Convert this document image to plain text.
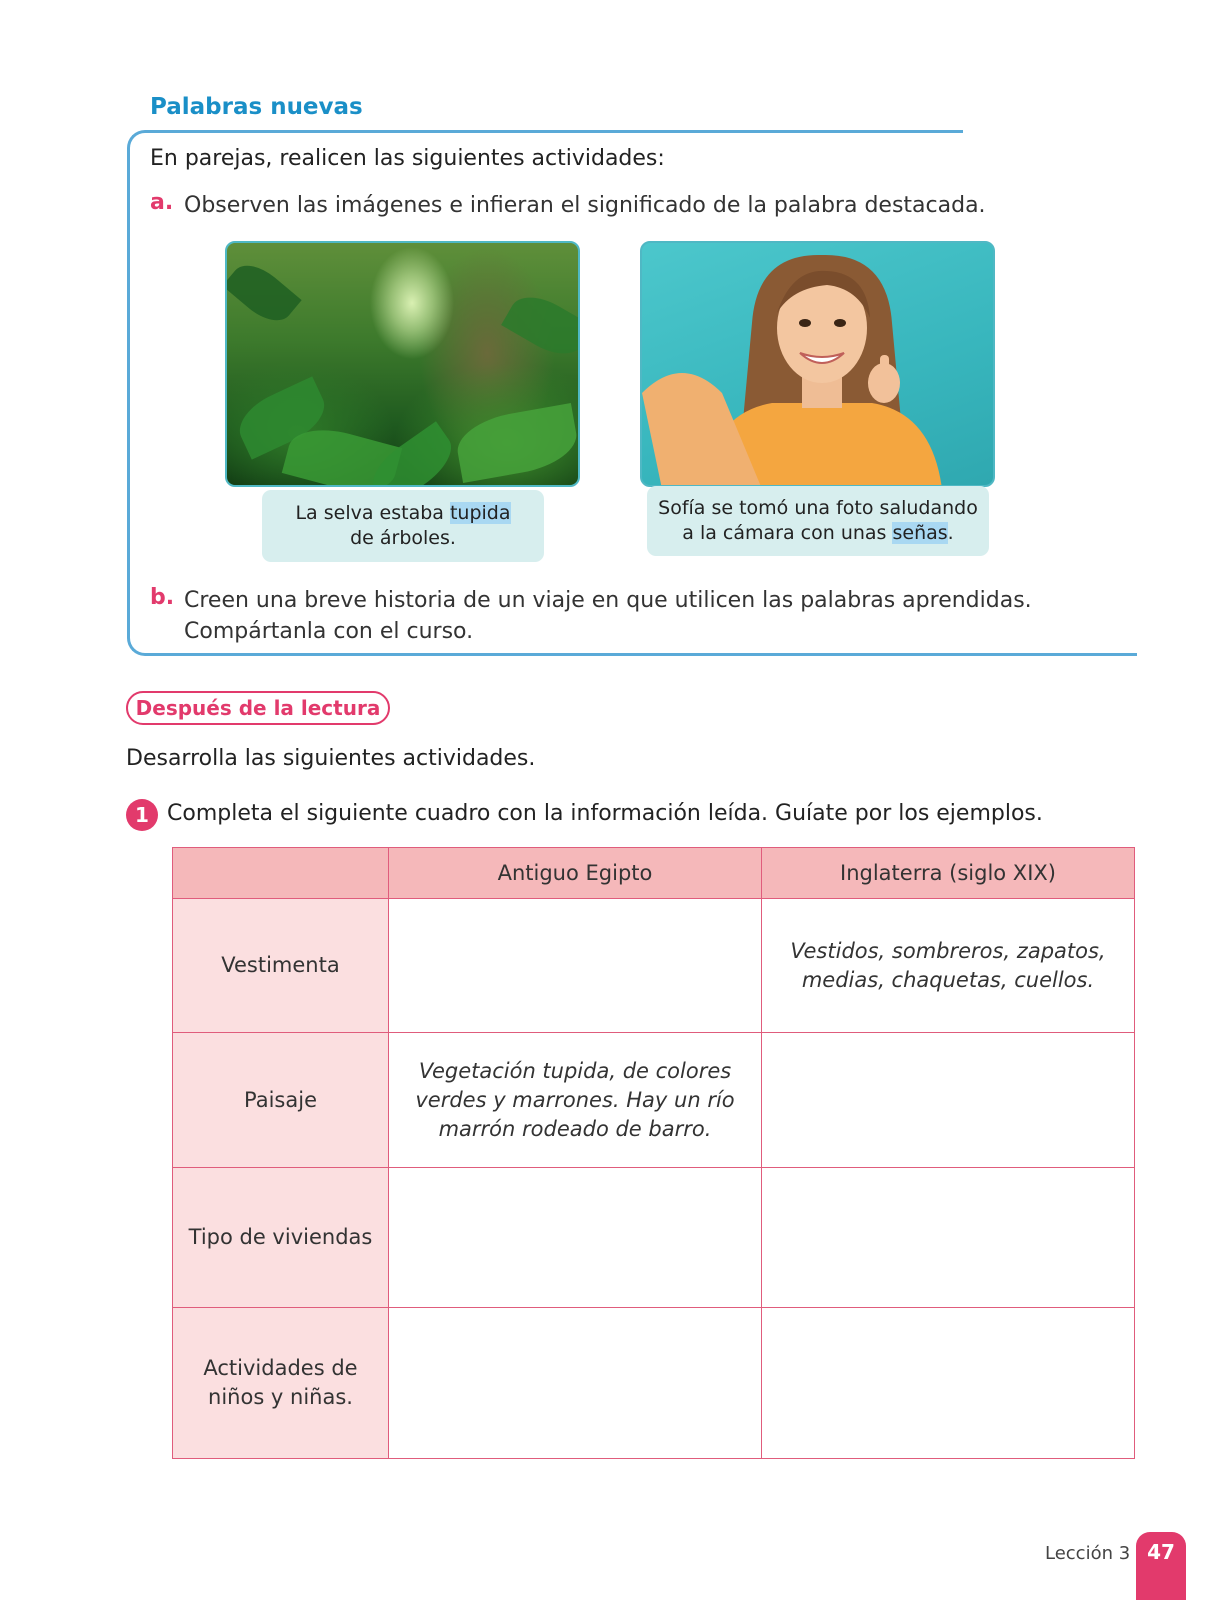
Palabras nuevas
En parejas, realicen las siguientes actividades:
a. Observen las imágenes e infieran el significado de la palabra destacada.
La selva estaba tupida
de árboles.
Sofía se tomó una foto saludando
a la cámara con unas señas.
b. Creen una breve historia de un viaje en que utilicen las palabras aprendidas. Compártanla con el curso.
Después de la lectura
Desarrolla las siguientes actividades.
1 Completa el siguiente cuadro con la información leída. Guíate por los ejemplos.
	Antiguo Egipto	Inglaterra (siglo XIX)
Vestimenta		Vestidos, sombreros, zapatos, medias, chaquetas, cuellos.
Paisaje	Vegetación tupida, de colores verdes y marrones. Hay un río marrón rodeado de barro.	
Tipo de viviendas		
Actividades de niños y niñas.		
Lección 3 47
